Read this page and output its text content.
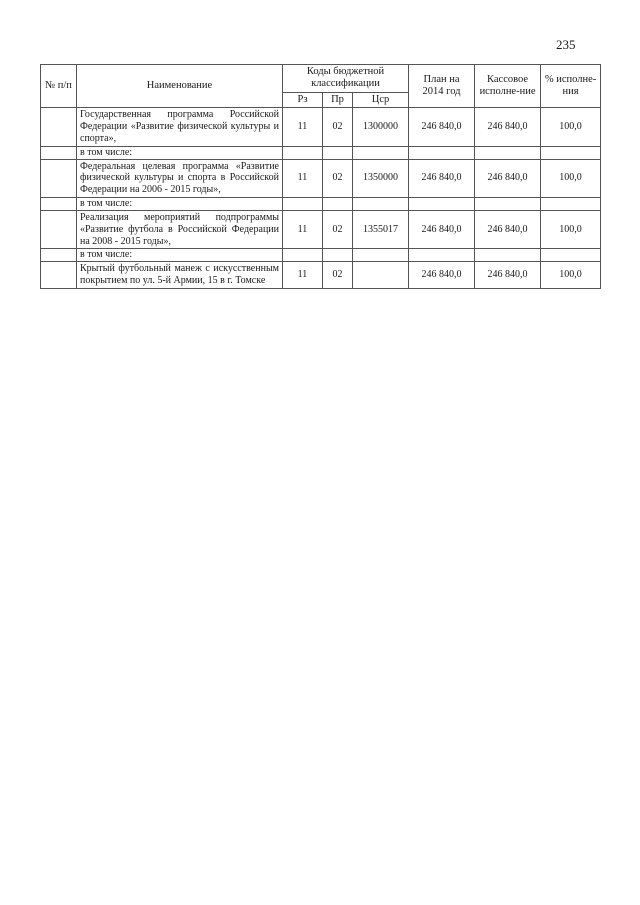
235
№ п/п	Наименование	Коды бюджетной классификации			План на 2014 год	Кассовое исполне-ние	% исполне-ния
		Рз	Пр	Цср			
	Государственная программа Российской Федерации «Развитие физической культуры и спорта»,	11	02	1300000	246 840,0	246 840,0	100,0
	в том числе:						
	Федеральная целевая программа «Развитие физической культуры и спорта в Российской Федерации на 2006 - 2015 годы»,	11	02	1350000	246 840,0	246 840,0	100,0
	в том числе:						
	Реализация мероприятий подпрограммы «Развитие футбола в Российской Федерации на 2008 - 2015 годы»,	11	02	1355017	246 840,0	246 840,0	100,0
	в том числе:						
	Крытый футбольный манеж с искусственным покрытием по ул. 5-й Армии, 15 в г. Томске	11	02		246 840,0	246 840,0	100,0
